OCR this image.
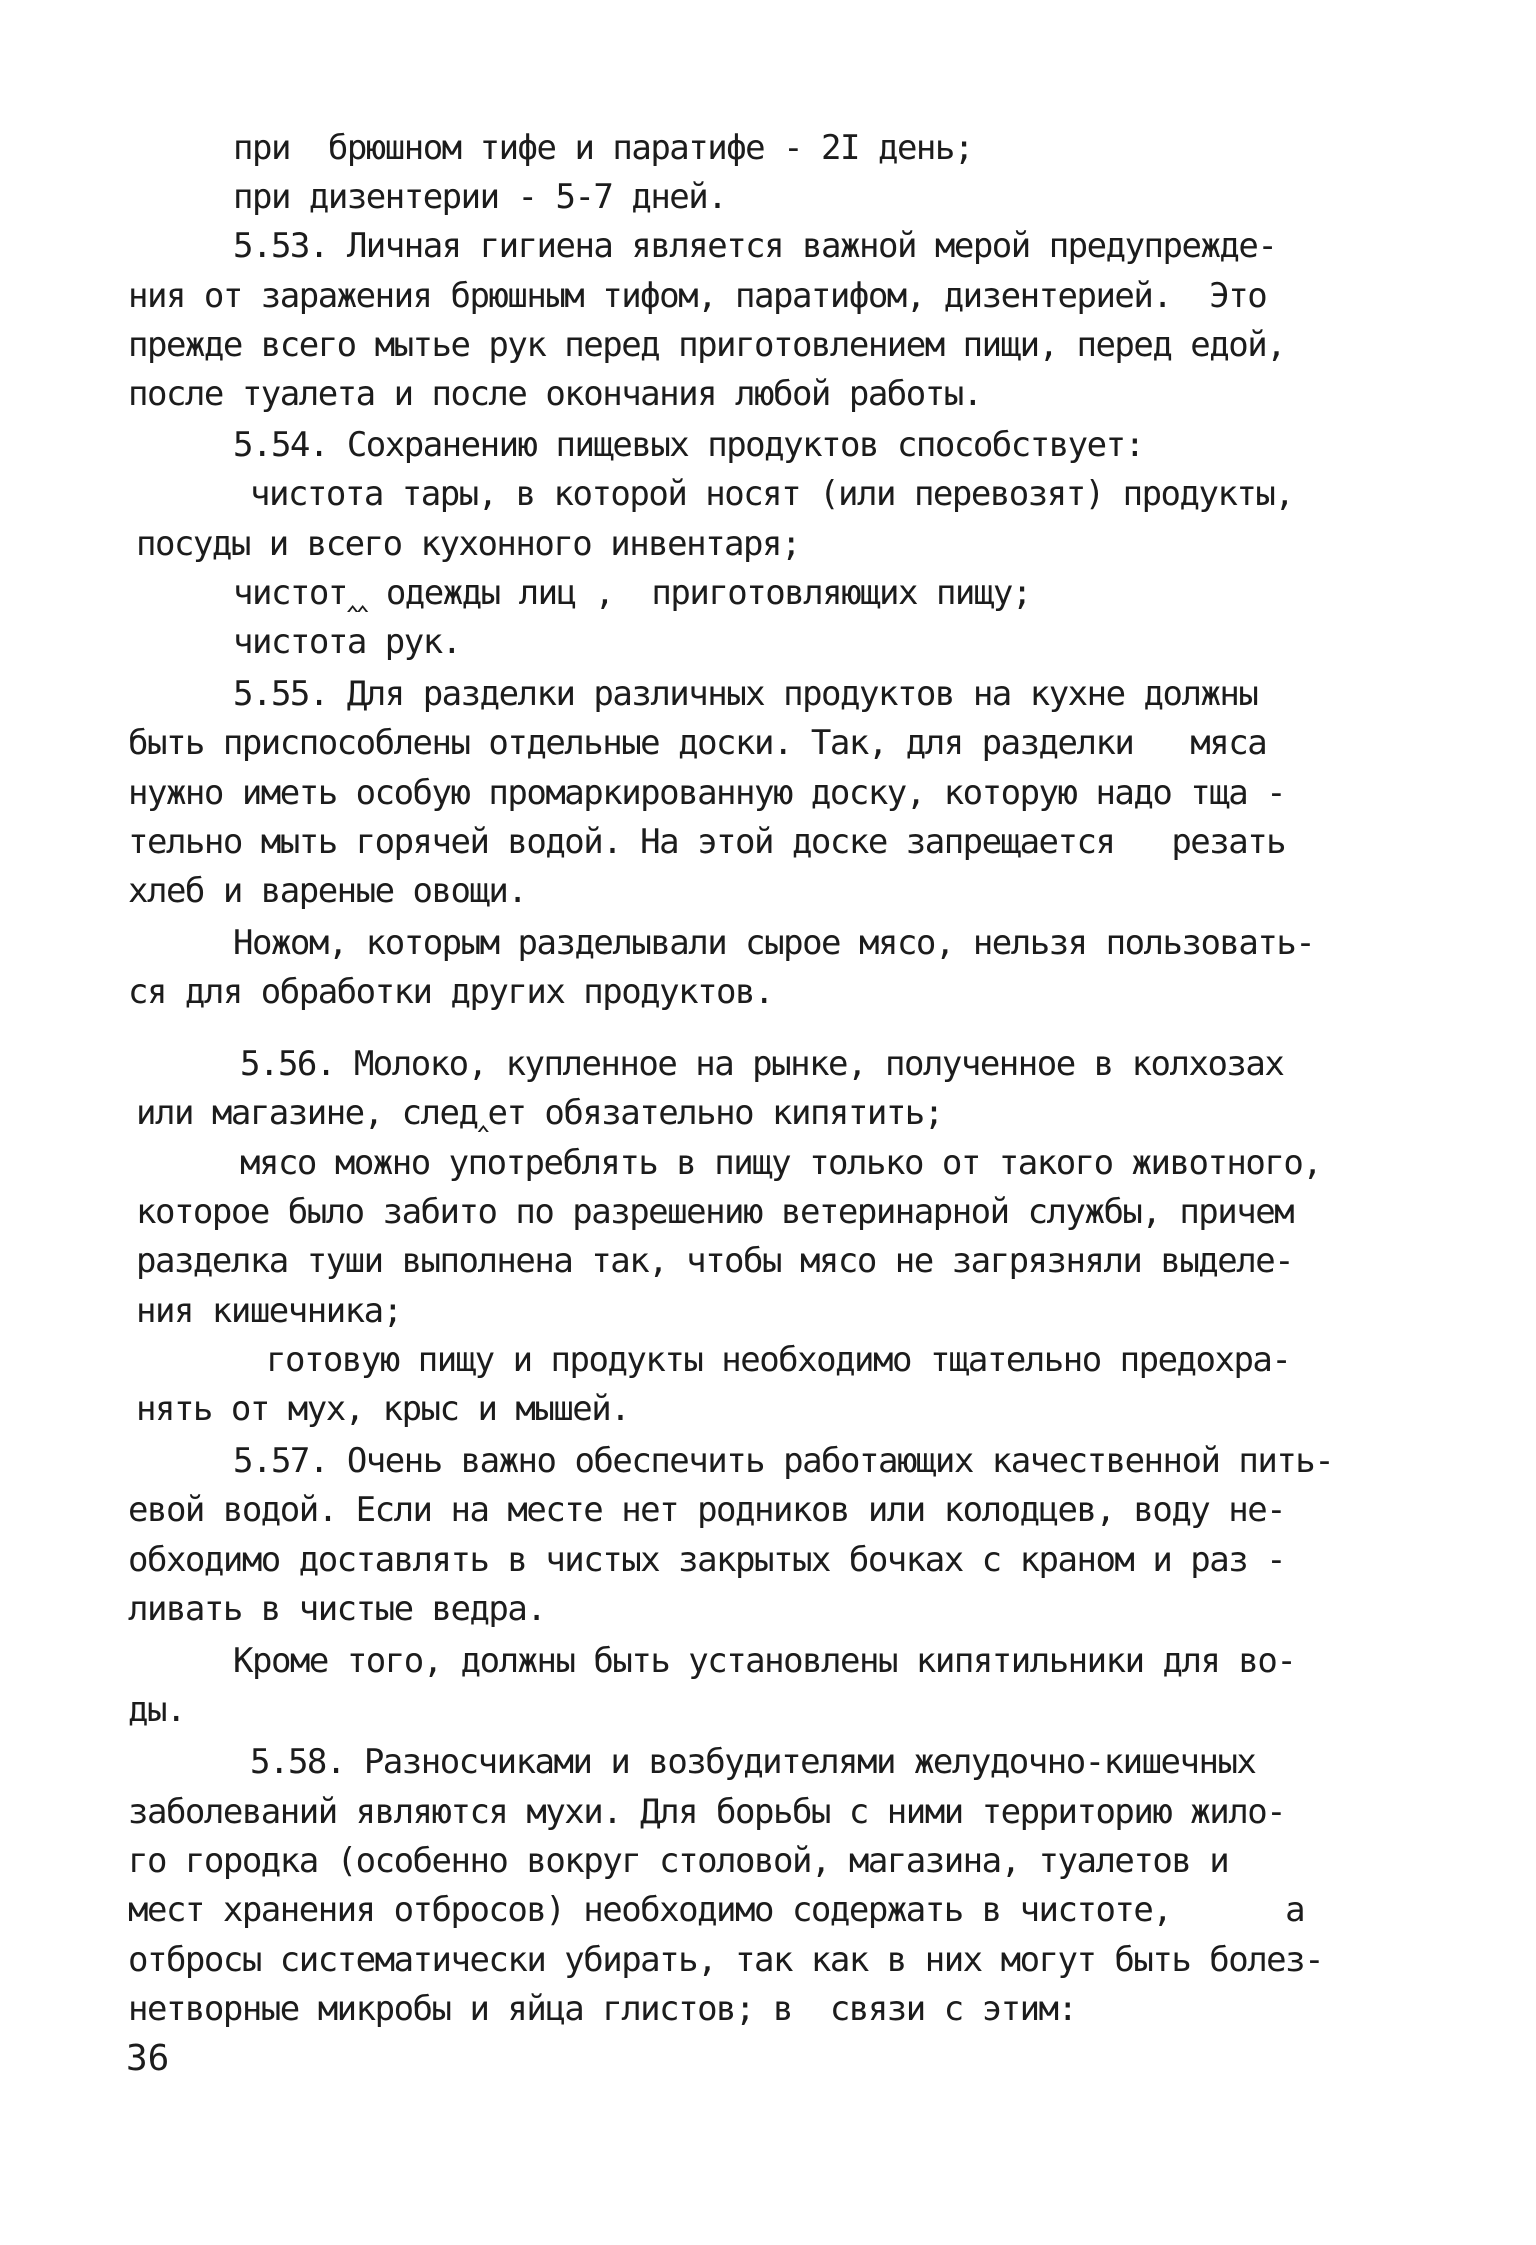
при  брюшном тифе и паратифе - 2I день;
при дизентерии - 5-7 дней.
5.53. Личная гигиена является важной мерой предупрежде-
ния от заражения брюшным тифом, паратифом, дизентерией.  Это
прежде всего мытье рук перед приготовлением пищи, перед едой,
после туалета и после окончания любой работы.
5.54. Сохранению пищевых продуктов способствует:
чистота тары, в которой носят (или перевозят) продукты,
посуды и всего кухонного инвентаря;
чистот‸‸ одежды лиц ,  приготовляющих пищу;
чистота рук.
5.55. Для разделки различных продуктов на кухне должны
быть приспособлены отдельные доски. Так, для разделки   мяса
нужно иметь особую промаркированную доску, которую надо тща -
тельно мыть горячей водой. На этой доске запрещается   резать
хлеб и вареные овощи.
Ножом, которым разделывали сырое мясо, нельзя пользовать-
ся для обработки других продуктов.
5.56. Молоко, купленное на рынке, полученное в колхозах
или магазине, след‸ет обязательно кипятить;
мясо можно употреблять в пищу только от такого животного,
которое было забито по разрешению ветеринарной службы, причем
разделка туши выполнена так, чтобы мясо не загрязняли выделе-
ния кишечника;
готовую пищу и продукты необходимо тщательно предохра-
нять от мух, крыс и мышей.
5.57. Очень важно обеспечить работающих качественной пить-
евой водой. Если на месте нет родников или колодцев, воду не-
обходимо доставлять в чистых закрытых бочках с краном и раз -
ливать в чистые ведра.
Кроме того, должны быть установлены кипятильники для во-
ды.
5.58. Разносчиками и возбудителями желудочно-кишечных
заболеваний являются мухи. Для борьбы с ними территорию жило-
го городка (особенно вокруг столовой, магазина, туалетов и
мест хранения отбросов) необходимо содержать в чистоте,      а
отбросы систематически убирать, так как в них могут быть болез-
нетворные микробы и яйца глистов; в  связи с этим:
36
